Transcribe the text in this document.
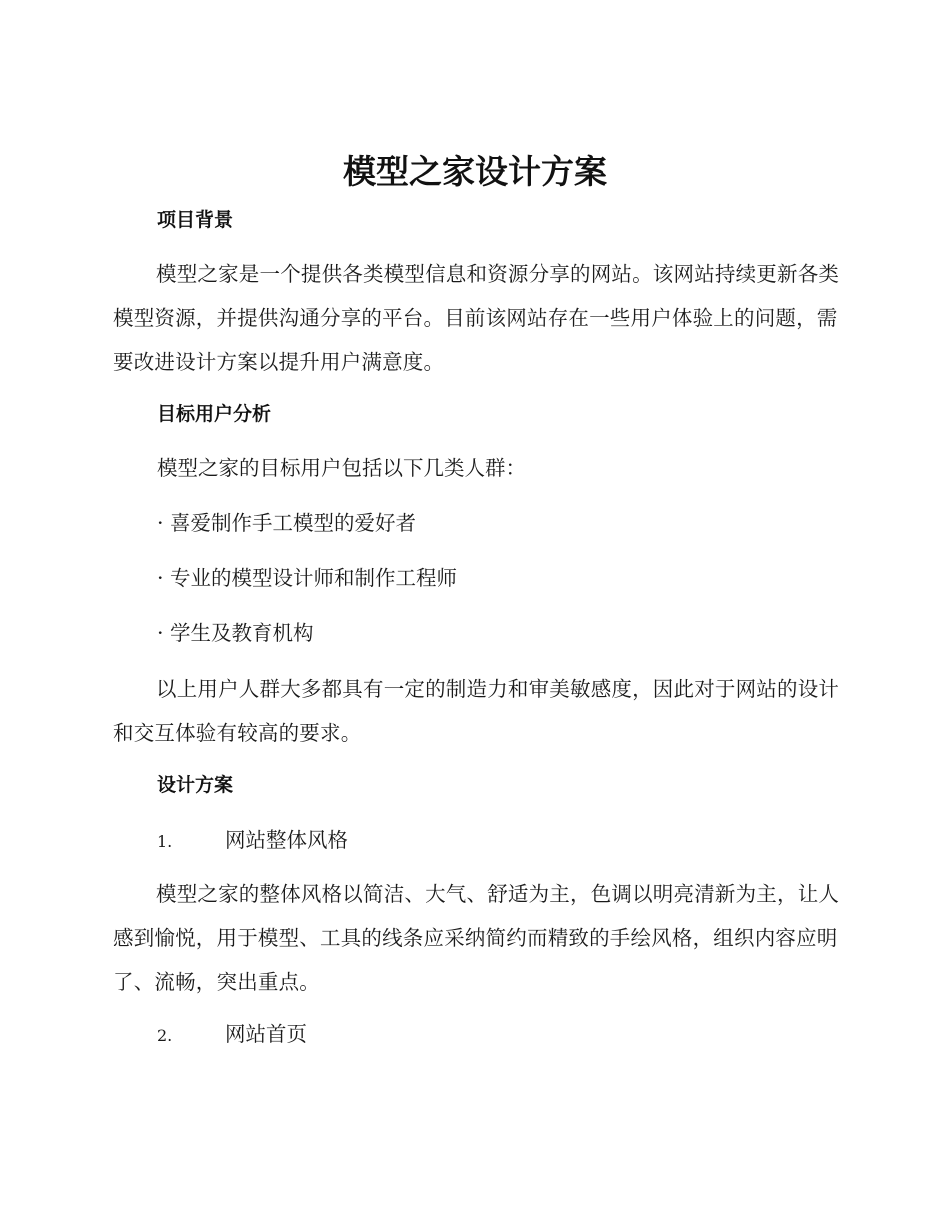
模型之家设计方案
项目背景

模型之家是一个提供各类模型信息和资源分享的网站。该网站持续更新各类模型资源，并提供沟通分享的平台。目前该网站存在一些用户体验上的问题，需要改进设计方案以提升用户满意度。

目标用户分析

模型之家的目标用户包括以下几类人群：

· 喜爱制作手工模型的爱好者

· 专业的模型设计师和制作工程师

· 学生及教育机构

以上用户人群大多都具有一定的制造力和审美敏感度，因此对于网站的设计和交互体验有较高的要求。

设计方案
1.	网站整体风格

模型之家的整体风格以简洁、大气、舒适为主，色调以明亮清新为主，让人感到愉悦，用于模型、工具的线条应采纳简约而精致的手绘风格，组织内容应明了、流畅，突出重点。

2.	网站首页
